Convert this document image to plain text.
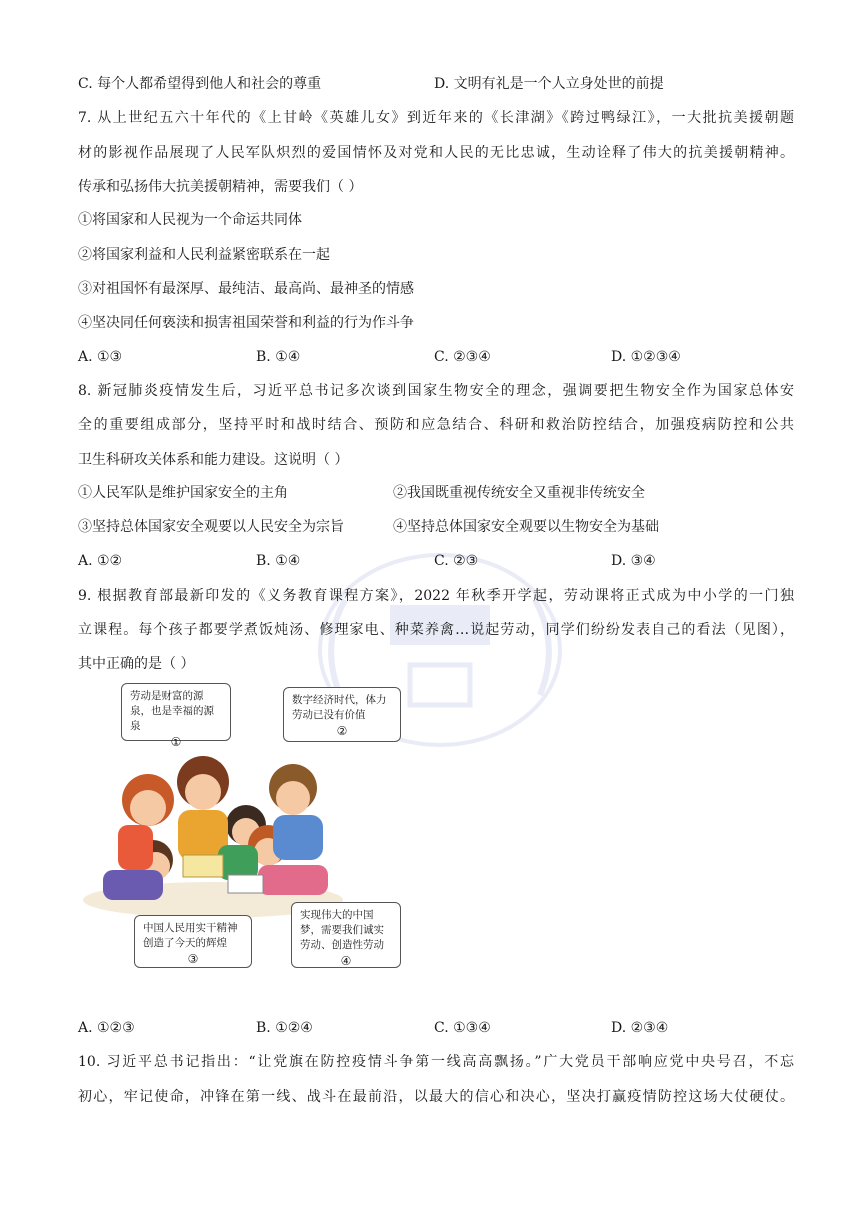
C. 每个人都希望得到他人和社会的尊重	D. 文明有礼是一个人立身处世的前提
7. 从上世纪五六十年代的《上甘岭《英雄儿女》到近年来的《长津湖》《跨过鸭绿江》，一大批抗美援朝题
材的影视作品展现了人民军队炽烈的爱国情怀及对党和人民的无比忠诚，生动诠释了伟大的抗美援朝精神。
传承和弘扬伟大抗美援朝精神，需要我们（ ）
①将国家和人民视为一个命运共同体
②将国家利益和人民利益紧密联系在一起
③对祖国怀有最深厚、最纯洁、最高尚、最神圣的情感
④坚决同任何亵渎和损害祖国荣誉和利益的行为作斗争
A. ①③	B. ①④	C. ②③④	D. ①②③④
8. 新冠肺炎疫情发生后，习近平总书记多次谈到国家生物安全的理念，强调要把生物安全作为国家总体安
全的重要组成部分，坚持平时和战时结合、预防和应急结合、科研和救治防控结合，加强疫病防控和公共
卫生科研攻关体系和能力建设。这说明（ ）
①人民军队是维护国家安全的主角	②我国既重视传统安全又重视非传统安全
③坚持总体国家安全观要以人民安全为宗旨	④坚持总体国家安全观要以生物安全为基础
A. ①②	B. ①④	C. ②③	D. ③④
9. 根据教育部最新印发的《义务教育课程方案》，2022 年秋季开学起，劳动课将正式成为中小学的一门独
立课程。每个孩子都要学煮饭炖汤、修理家电、种菜养禽…说起劳动，同学们纷纷发表自己的看法（见图），
其中正确的是（ ）
劳动是财富的源泉，也是幸福的源泉
①
数字经济时代，体力劳动已没有价值
②
中国人民用实干精神创造了今天的辉煌
③
实现伟大的中国梦，需要我们诚实劳动、创造性劳动
④
A. ①②③	B. ①②④	C. ①③④	D. ②③④
10. 习近平总书记指出：“让党旗在防控疫情斗争第一线高高飘扬。”广大党员干部响应党中央号召，不忘
初心，牢记使命，冲锋在第一线、战斗在最前沿，以最大的信心和决心，坚决打赢疫情防控这场大仗硬仗。
